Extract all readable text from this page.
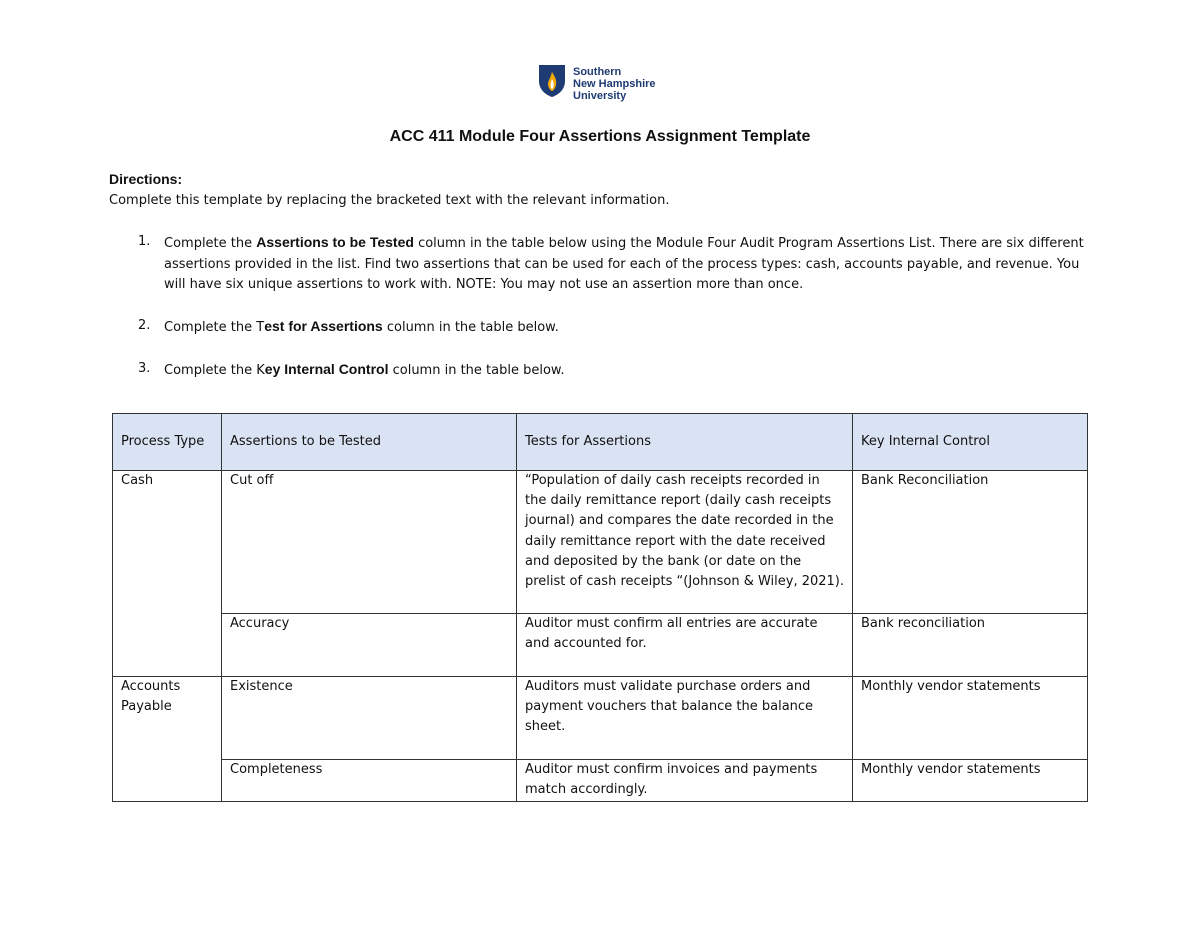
Southern
New Hampshire
University
ACC 411 Module Four Assertions Assignment Template
Directions:
Complete this template by replacing the bracketed text with the relevant information.
1.	Complete the Assertions to be Tested column in the table below using the Module Four Audit Program Assertions List. There are six different assertions provided in the list. Find two assertions that can be used for each of the process types: cash, accounts payable, and revenue. You will have six unique assertions to work with. NOTE: You may not use an assertion more than once.
2.	Complete the Test for Assertions column in the table below.
3.	Complete the Key Internal Control column in the table below.
Process Type	Assertions to be Tested	Tests for Assertions	Key Internal Control
Cash	Cut off	“Population of daily cash receipts recorded in the daily remittance report (daily cash receipts journal) and compares the date recorded in the daily remittance report with the date received and deposited by the bank (or date on the prelist of cash receipts “(Johnson & Wiley, 2021).	Bank Reconciliation
	Accuracy	Auditor must confirm all entries are accurate and accounted for.	Bank reconciliation
Accounts Payable	Existence	Auditors must validate purchase orders and payment vouchers that balance the balance sheet.	Monthly vendor statements
	Completeness	Auditor must confirm invoices and payments match accordingly.	Monthly vendor statements
